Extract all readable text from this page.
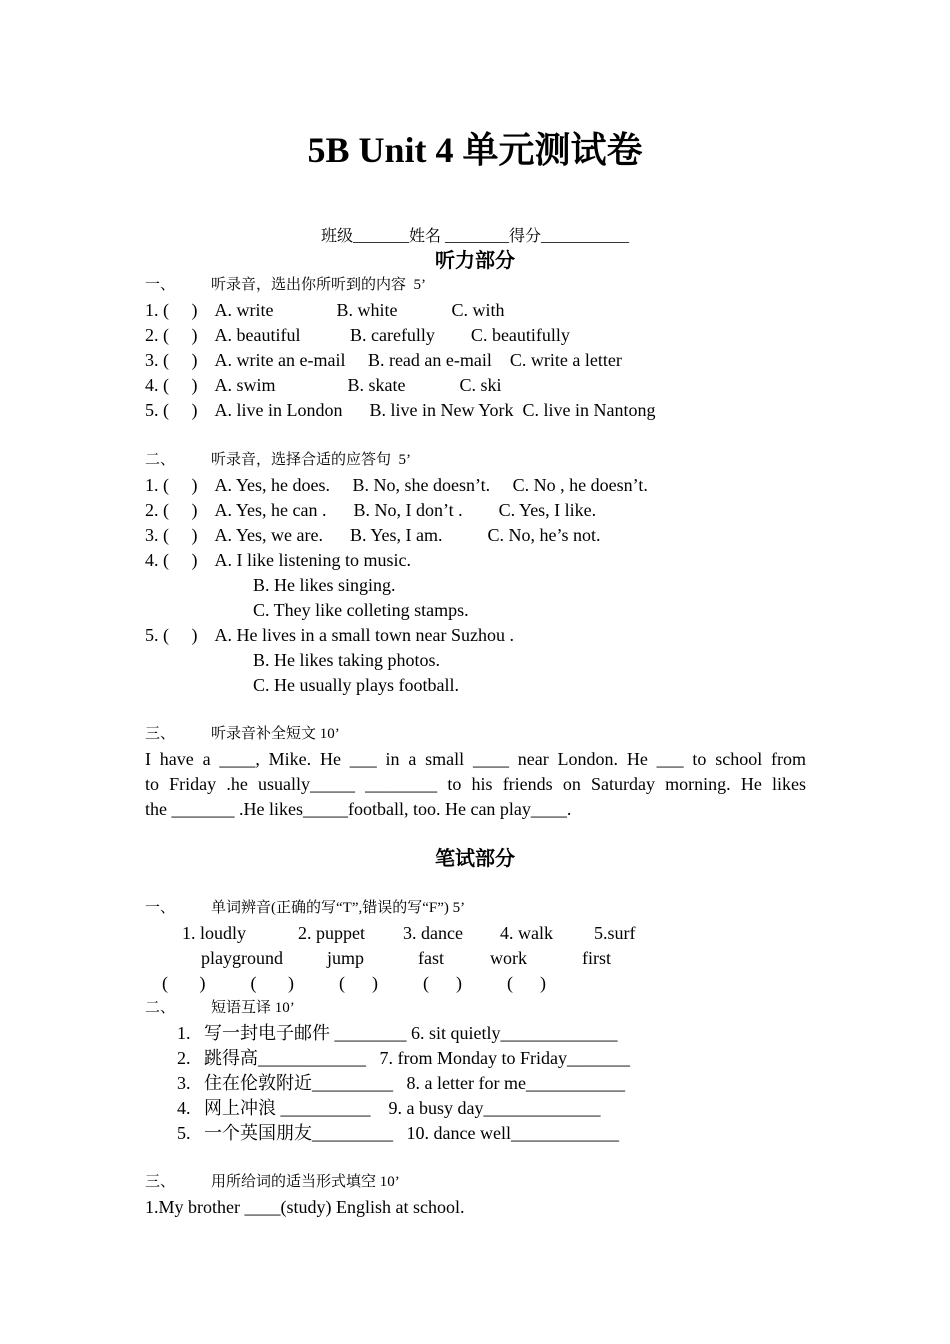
5B Unit 4 单元测试卷
班级_______姓名 ________得分___________
听力部分
一、 听录音，选出你所听到的内容  5’
1. (     )    A. write              B. white            C. with
2. (     )    A. beautiful           B. carefully        C. beautifully
3. (     )    A. write an e-mail     B. read an e-mail    C. write a letter
4. (     )    A. swim                B. skate            C. ski
5. (     )    A. live in London      B. live in New York  C. live in Nantong
二、 听录音，选择合适的应答句  5’
1. (     )    A. Yes, he does.     B. No, she doesn’t.     C. No , he doesn’t.
2. (     )    A. Yes, he can .      B. No, I don’t .        C. Yes, I like.
3. (     )    A. Yes, we are.      B. Yes, I am.          C. No, he’s not.
4. (     )    A. I like listening to music.
B. He likes singing.
C. They like colleting stamps.
5. (     )    A. He lives in a small town near Suzhou .
B. He likes taking photos.
C. He usually plays football.
三、 听录音补全短文 10’
I have a ____, Mike. He ___ in a small ____ near London. He ___ to school from
to Friday .he usually_____ ________ to his friends on Saturday morning. He likes
the _______ .He likes_____football, too. He can play____.
笔试部分
一、 单词辨音(正确的写“T”,错误的写“F”) 5’
1. loudly	2. puppet 3. dance 4. walk 5.surf
playground jump	fast	work	first
(       )          (       )          (      )          (      )          (      )
二、 短语互译 10’
1.   写一封电子邮件 ________ 6. sit quietly_____________
2.   跳得高____________   7. from Monday to Friday_______
3.   住在伦敦附近_________   8. a letter for me___________
4.   网上冲浪 __________    9. a busy day_____________
5.   一个英国朋友_________   10. dance well____________
三、 用所给词的适当形式填空 10’
1.My brother ____(study) English at school.
